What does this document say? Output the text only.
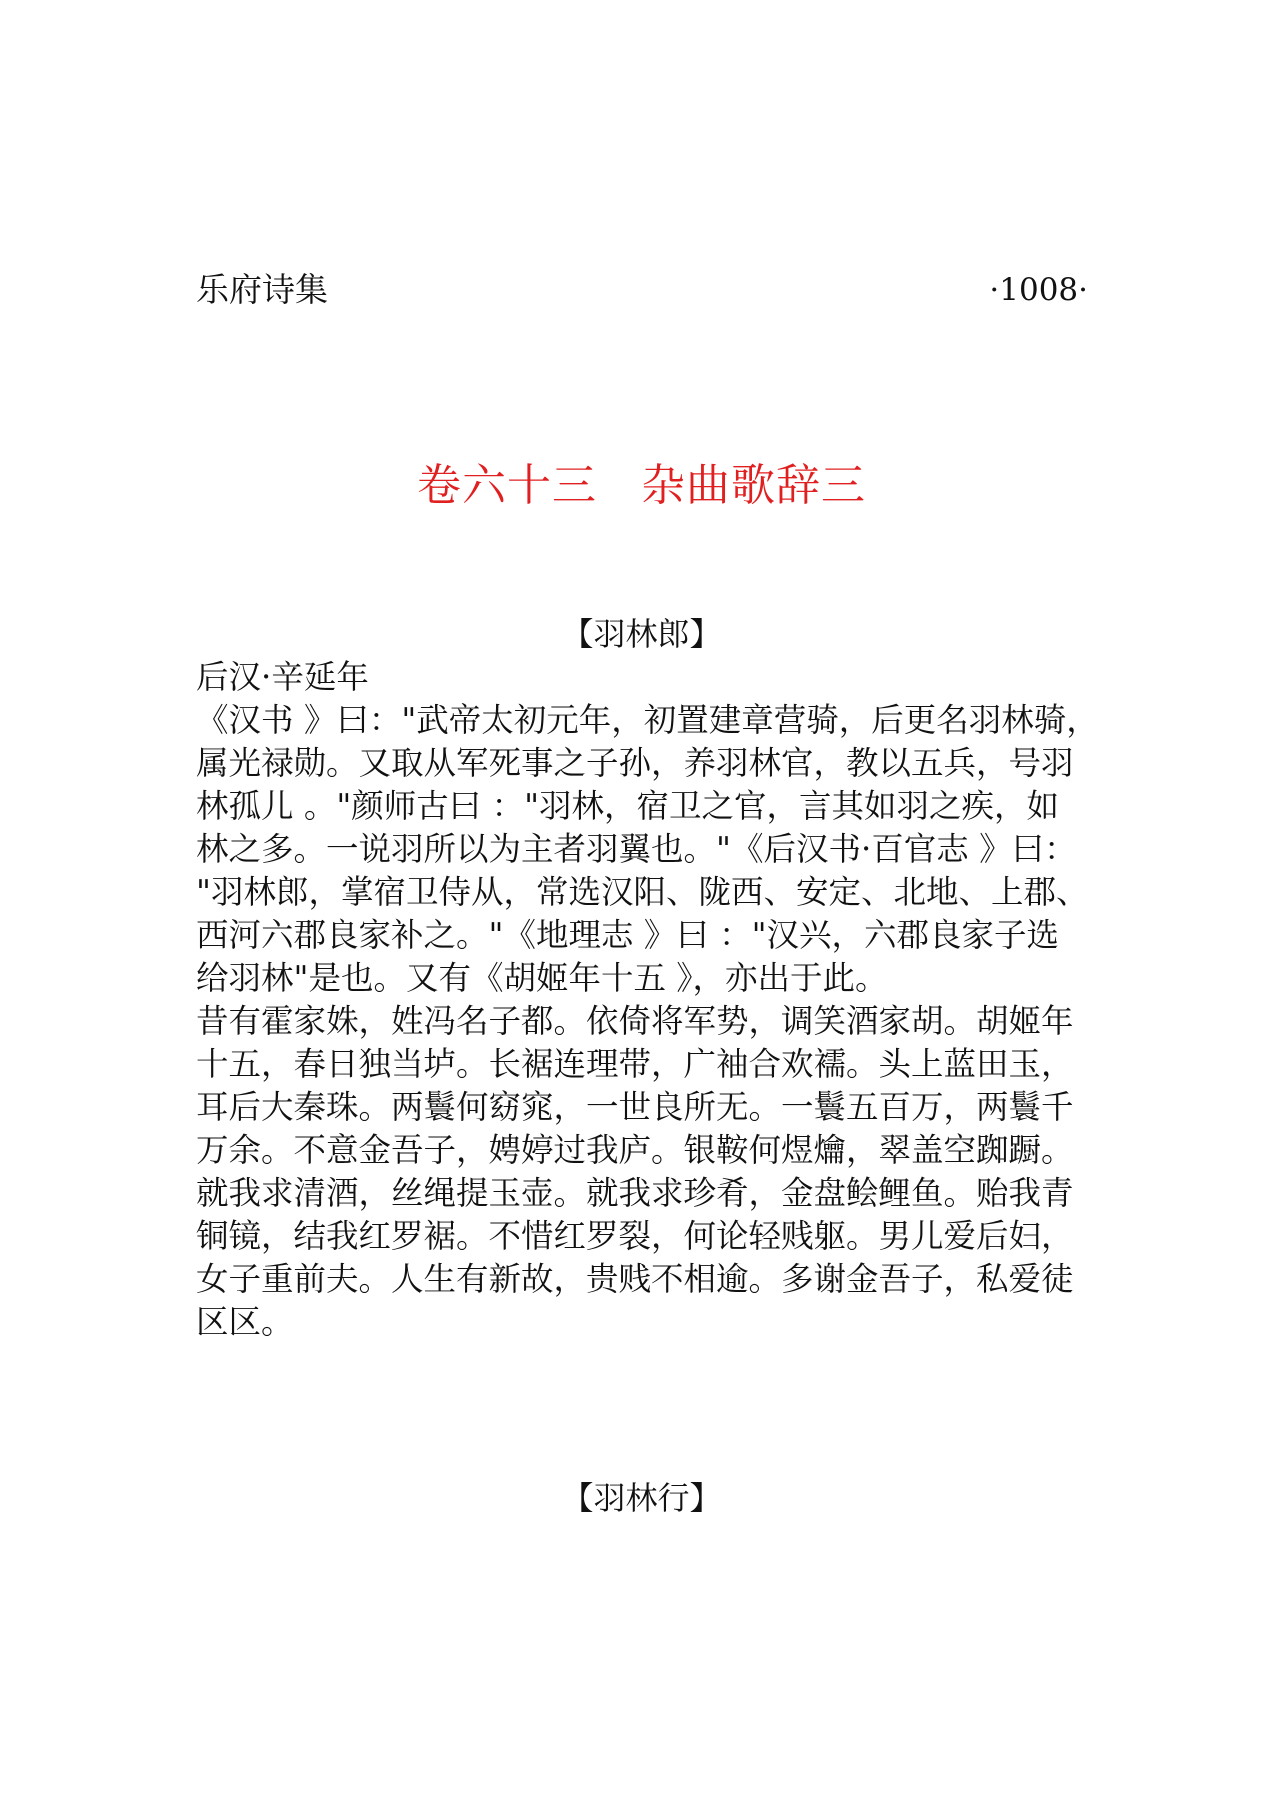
乐府诗集	·1008·
卷六十三 杂曲歌辞三
【羽林郎】
后汉·辛延年
《汉书 》曰："武帝太初元年，初置建章营骑，后更名羽林骑，
属光禄勋。又取从军死事之子孙，养羽林官，教以五兵，号羽
林孤儿 。"颜师古曰 ："羽林，宿卫之官，言其如羽之疾，如
林之多。一说羽所以为主者羽翼也。"《后汉书·百官志 》曰：
"羽林郎，掌宿卫侍从，常选汉阳、陇西、安定、北地、上郡、
西河六郡良家补之。"《地理志 》曰 ："汉兴，六郡良家子选
给羽林"是也。又有《胡姬年十五 》，亦出于此。
昔有霍家姝，姓冯名子都。依倚将军势，调笑酒家胡。胡姬年
十五，春日独当垆。长裾连理带，广袖合欢襦。头上蓝田玉，
耳后大秦珠。两鬟何窈窕，一世良所无。一鬟五百万，两鬟千
万余。不意金吾子，娉婷过我庐。银鞍何煜爚，翠盖空踟蹰。
就我求清酒，丝绳提玉壶。就我求珍肴，金盘鲙鲤鱼。贻我青
铜镜，结我红罗裾。不惜红罗裂，何论轻贱躯。男儿爱后妇，
女子重前夫。人生有新故，贵贱不相逾。多谢金吾子，私爱徒
区区。
【羽林行】
